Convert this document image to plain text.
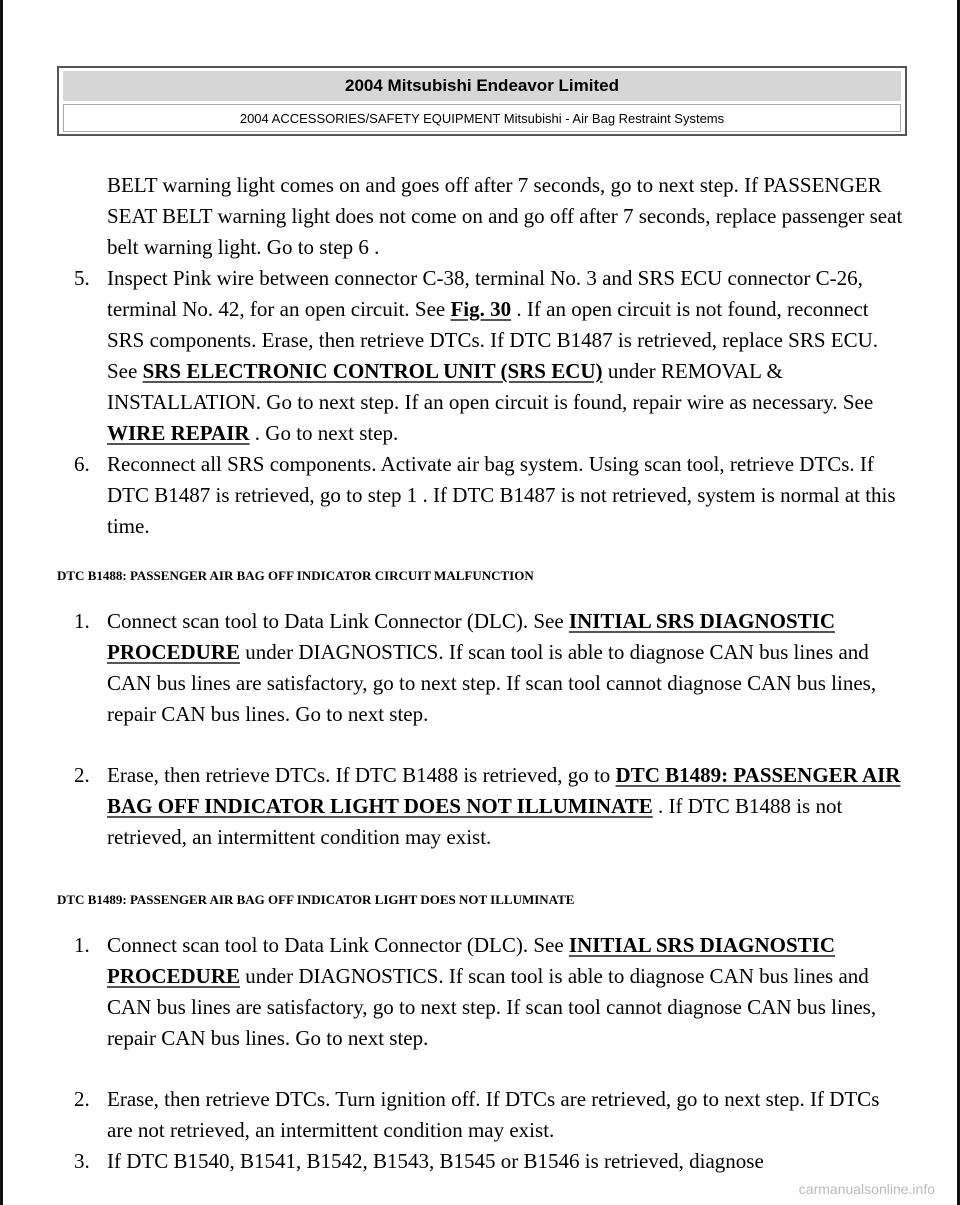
2004 Mitsubishi Endeavor Limited
2004 ACCESSORIES/SAFETY EQUIPMENT Mitsubishi - Air Bag Restraint Systems

BELT warning light comes on and goes off after 7 seconds, go to next step. If PASSENGER SEAT BELT warning light does not come on and go off after 7 seconds, replace passenger seat belt warning light. Go to step 6 .

5. Inspect Pink wire between connector C-38, terminal No. 3 and SRS ECU connector C-26, terminal No. 42, for an open circuit. See Fig. 30 . If an open circuit is not found, reconnect SRS components. Erase, then retrieve DTCs. If DTC B1487 is retrieved, replace SRS ECU. See SRS ELECTRONIC CONTROL UNIT (SRS ECU) under REMOVAL & INSTALLATION. Go to next step. If an open circuit is found, repair wire as necessary. See WIRE REPAIR . Go to next step.

6. Reconnect all SRS components. Activate air bag system. Using scan tool, retrieve DTCs. If DTC B1487 is retrieved, go to step 1 . If DTC B1487 is not retrieved, system is normal at this time.

DTC B1488: PASSENGER AIR BAG OFF INDICATOR CIRCUIT MALFUNCTION
1. Connect scan tool to Data Link Connector (DLC). See INITIAL SRS DIAGNOSTIC PROCEDURE under DIAGNOSTICS. If scan tool is able to diagnose CAN bus lines and CAN bus lines are satisfactory, go to next step. If scan tool cannot diagnose CAN bus lines, repair CAN bus lines. Go to next step.

2. Erase, then retrieve DTCs. If DTC B1488 is retrieved, go to DTC B1489: PASSENGER AIR BAG OFF INDICATOR LIGHT DOES NOT ILLUMINATE . If DTC B1488 is not retrieved, an intermittent condition may exist.

DTC B1489: PASSENGER AIR BAG OFF INDICATOR LIGHT DOES NOT ILLUMINATE
1. Connect scan tool to Data Link Connector (DLC). See INITIAL SRS DIAGNOSTIC PROCEDURE under DIAGNOSTICS. If scan tool is able to diagnose CAN bus lines and CAN bus lines are satisfactory, go to next step. If scan tool cannot diagnose CAN bus lines, repair CAN bus lines. Go to next step.

2. Erase, then retrieve DTCs. Turn ignition off. If DTCs are retrieved, go to next step. If DTCs are not retrieved, an intermittent condition may exist.

3. If DTC B1540, B1541, B1542, B1543, B1545 or B1546 is retrieved, diagnose

carmanualsonline.info
